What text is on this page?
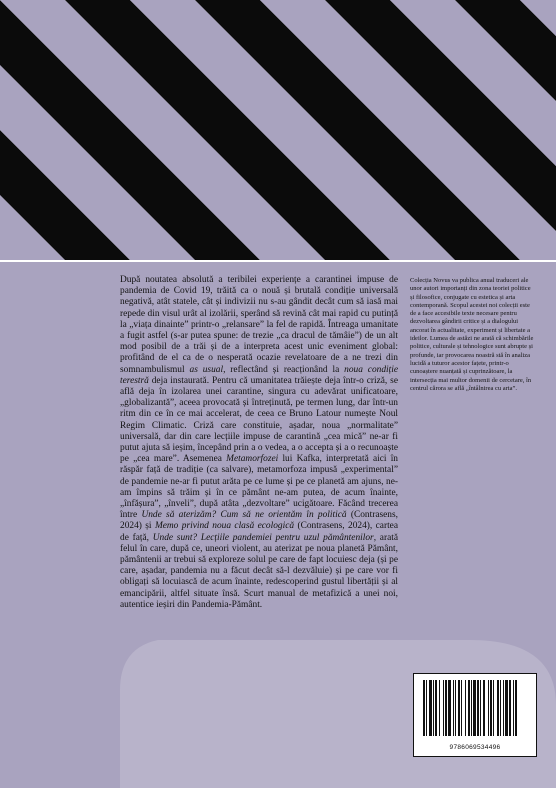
După noutatea absolută a teribilei experiențe a carantinei impuse de pandemia de Covid 19, trăită ca o nouă și brutală condiție universală negativă, atât statele, cât și indivizii nu s-au gândit decât cum să iasă mai repede din visul urât al izolării, sperând să revină cât mai rapid cu putință la „viața dinainte” printr-o „relansare” la fel de rapidă. Întreaga umanitate a fugit astfel (s-ar putea spune: de trezie „ca dracul de tămâie”) de un alt mod posibil de a trăi și de a interpreta acest unic eveniment global: profitând de el ca de o nesperată ocazie revelatoare de a ne trezi din somnambulismul as usual, reflectând și reacționând la noua condiție terestră deja instaurată. Pentru că umanitatea trăiește deja într-o criză, se află deja în izolarea unei carantine, singura cu adevărat unificatoare, „globalizantă”, aceea provocată și întreținută, pe termen lung, dar într-un ritm din ce în ce mai accelerat, de ceea ce Bruno Latour numește Noul Regim Climatic. Criză care constituie, așadar, noua „normalitate” universală, dar din care lecțiile impuse de carantină „cea mică” ne-ar fi putut ajuta să ieșim, începând prin a o vedea, a o accepta și a o recunoaște pe „cea mare”. Asemenea Metamorfozei lui Kafka, interpretată aici în răspăr față de tradiție (ca salvare), metamorfoza impusă „experimental” de pandemie ne-ar fi putut arăta pe ce lume și pe ce planetă am ajuns, ne-am împins să trăim și în ce pământ ne-am putea, de acum înainte, „înfășura”, „înveli”, după atâta „dezvoltare” ucigătoare. Făcând trecerea între Unde să aterizăm? Cum să ne orientăm în politică (Contrasens, 2024) și Memo privind noua clasă ecologică (Contrasens, 2024), cartea de față, Unde sunt? Lecțiile pandemiei pentru uzul pământenilor, arată felul în care, după ce, uneori violent, au aterizat pe noua planetă Pământ, pământenii ar trebui să exploreze solul pe care de fapt locuiesc deja (și pe care, așadar, pandemia nu a făcut decât să-l dezvăluie) și pe care vor fi obligați să locuiască de acum înainte, redescoperind gustul libertății și al emancipării, altfel situate însă. Scurt manual de metafizică a unei noi, autentice ieșiri din Pandemia-Pământ.

Colecția Novus va publica anual traduceri ale unor autori importanți din zona teoriei politice și filosofice, conjugate cu estetica și arta contemporană. Scopul acestei noi colecții este de a face accesibile texte necesare pentru dezvoltarea gândirii critice și a dialogului ancorat în actualitate, experiment și libertate a ideilor. Lumea de astăzi ne arată că schimbările politice, culturale și tehnologice sunt abrupte și profunde, iar provocarea noastră stă în analiza lucidă a tuturor acestor fațete, printr-o cunoaștere nuanțată și cuprinzătoare, la intersecția mai multor domenii de cercetare, în centrul cărora se află „întâlnirea cu arta”.

9786069534496
